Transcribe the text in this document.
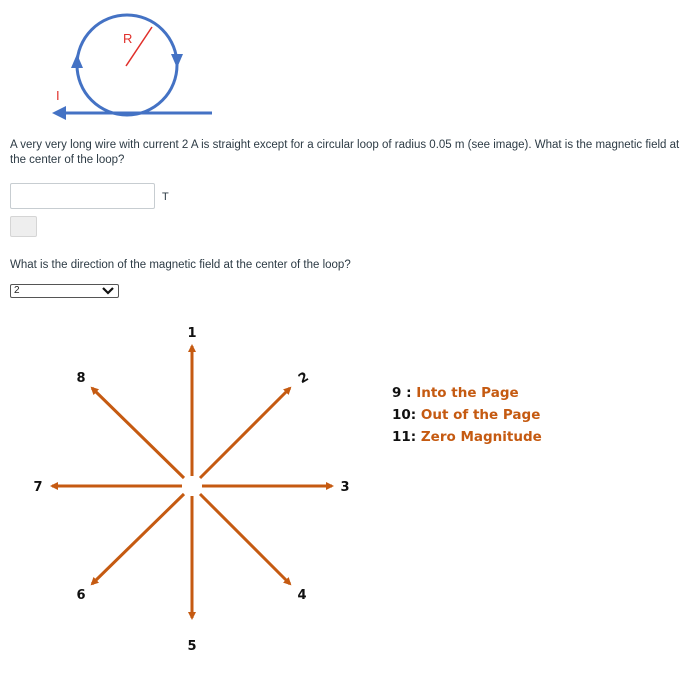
R
I
A very very long wire with current 2 A is straight except for a circular loop of radius 0.05 m (see image). What is the magnetic field at the center of the loop?
T
What is the direction of the magnetic field at the center of the loop?
2
1
2
3
4
5
6
7
8
9 : Into the Page
10: Out of the Page
11: Zero Magnitude
